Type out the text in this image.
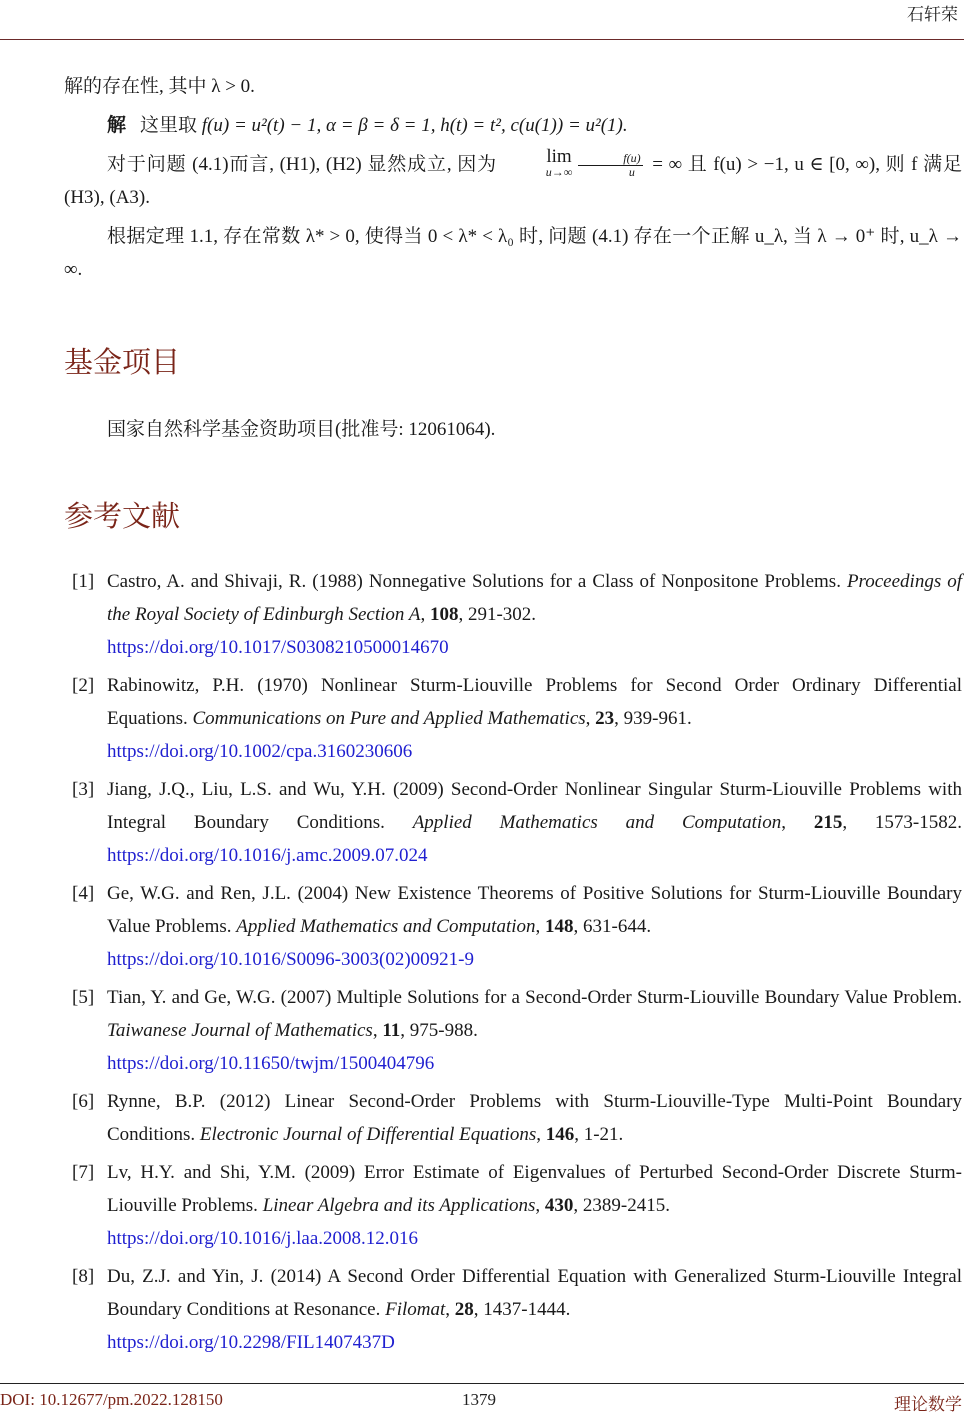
石轩荣

解的存在性, 其中 λ > 0.

解 这里取 f(u) = u²(t) − 1, α = β = δ = 1, h(t) = t², c(u(1)) = u²(1).

对于问题 (4.1)而言, (H1), (H2) 显然成立, 因为 lim
$u\to\infty \frac{f(u)}{u}$ = ∞ 且 f(u) > −1, u ∈ [0, ∞), 则 f 满足 (H3), (A3).

根据定理 1.1, 存在常数 λ* > 0, 使得当 0 < λ* < λ₀ 时, 问题 (4.1) 存在一个正解 u_λ, 当 λ → 0⁺ 时, u_λ → ∞.

基金项目
国家自然科学基金资助项目(批准号: 12061064).
参考文献
[1] Castro, A. and Shivaji, R. (1988) Nonnegative Solutions for a Class of Nonpositone Problems. Proceedings of the Royal Society of Edinburgh Section A, 108, 291-302.
https://doi.org/10.1017/S0308210500014670
[2] Rabinowitz, P.H. (1970) Nonlinear Sturm-Liouville Problems for Second Order Ordinary Differential Equations. Communications on Pure and Applied Mathematics, 23, 939-961.
https://doi.org/10.1002/cpa.3160230606
[3] Jiang, J.Q., Liu, L.S. and Wu, Y.H. (2009) Second-Order Nonlinear Singular Sturm-Liouville Problems with Integral Boundary Conditions. Applied Mathematics and Computation, 215, 1573-1582. https://doi.org/10.1016/j.amc.2009.07.024
[4] Ge, W.G. and Ren, J.L. (2004) New Existence Theorems of Positive Solutions for Sturm-Liouville Boundary Value Problems. Applied Mathematics and Computation, 148, 631-644.
https://doi.org/10.1016/S0096-3003(02)00921-9
[5] Tian, Y. and Ge, W.G. (2007) Multiple Solutions for a Second-Order Sturm-Liouville Boundary Value Problem. Taiwanese Journal of Mathematics, 11, 975-988.
https://doi.org/10.11650/twjm/1500404796
[6] Rynne, B.P. (2012) Linear Second-Order Problems with Sturm-Liouville-Type Multi-Point Boundary Conditions. Electronic Journal of Differential Equations, 146, 1-21.
[7] Lv, H.Y. and Shi, Y.M. (2009) Error Estimate of Eigenvalues of Perturbed Second-Order Discrete Sturm-Liouville Problems. Linear Algebra and its Applications, 430, 2389-2415.
https://doi.org/10.1016/j.laa.2008.12.016
[8] Du, Z.J. and Yin, J. (2014) A Second Order Differential Equation with Generalized Sturm-Liouville Integral Boundary Conditions at Resonance. Filomat, 28, 1437-1444.
https://doi.org/10.2298/FIL1407437D
DOI: 10.12677/pm.2022.128150	1379	理论数学
